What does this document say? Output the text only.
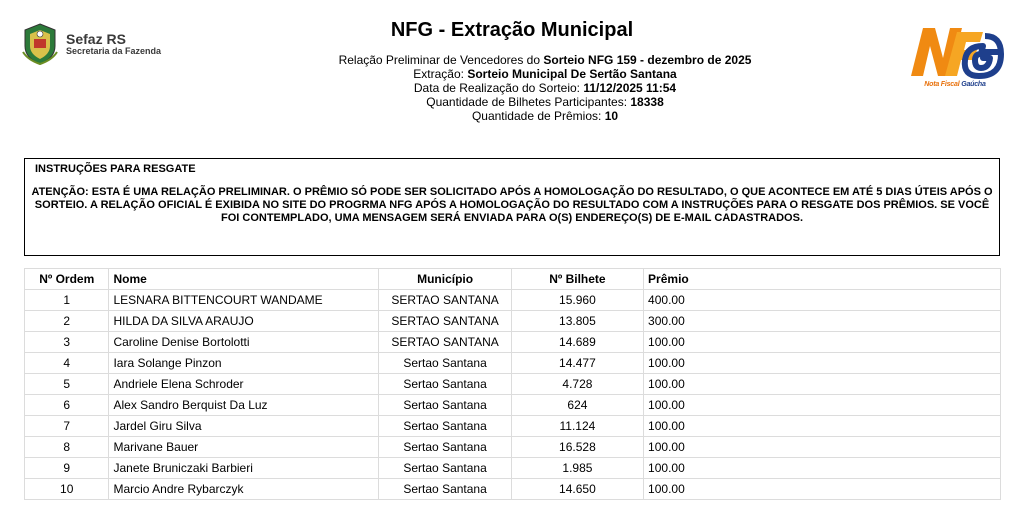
Sefaz RS
Secretaria da Fazenda
NFG - Extração Municipal
Relação Preliminar de Vencedores do Sorteio NFG 159 - dezembro de 2025
Extração: Sorteio Municipal De Sertão Santana
Data de Realização do Sorteio: 11/12/2025 11:54
Quantidade de Bilhetes Participantes: 18338
Quantidade de Prêmios: 10
Nota Fiscal Gaúcha
INSTRUÇÕES PARA RESGATE
ATENÇÃO: ESTA É UMA RELAÇÃO PRELIMINAR. O PRÊMIO SÓ PODE SER SOLICITADO APÓS A HOMOLOGAÇÃO DO RESULTADO, O QUE ACONTECE EM ATÉ 5 DIAS ÚTEIS APÓS O SORTEIO. A RELAÇÃO OFICIAL É EXIBIDA NO SITE DO PROGRMA NFG APÓS A HOMOLOGAÇÃO DO RESULTADO COM A INSTRUÇÕES PARA O RESGATE DOS PRÊMIOS. SE VOCÊ FOI CONTEMPLADO, UMA MENSAGEM SERÁ ENVIADA PARA O(S) ENDEREÇO(S) DE E-MAIL CADASTRADOS.
Nº Ordem	Nome	Município	Nº Bilhete	Prêmio
1	LESNARA BITTENCOURT WANDAME	SERTAO SANTANA	15.960	400.00
2	HILDA DA SILVA ARAUJO	SERTAO SANTANA	13.805	300.00
3	Caroline Denise Bortolotti	SERTAO SANTANA	14.689	100.00
4	Iara Solange Pinzon	Sertao Santana	14.477	100.00
5	Andriele Elena Schroder	Sertao Santana	4.728	100.00
6	Alex Sandro Berquist Da Luz	Sertao Santana	624	100.00
7	Jardel Giru Silva	Sertao Santana	11.124	100.00
8	Marivane Bauer	Sertao Santana	16.528	100.00
9	Janete Bruniczaki Barbieri	Sertao Santana	1.985	100.00
10	Marcio Andre Rybarczyk	Sertao Santana	14.650	100.00
